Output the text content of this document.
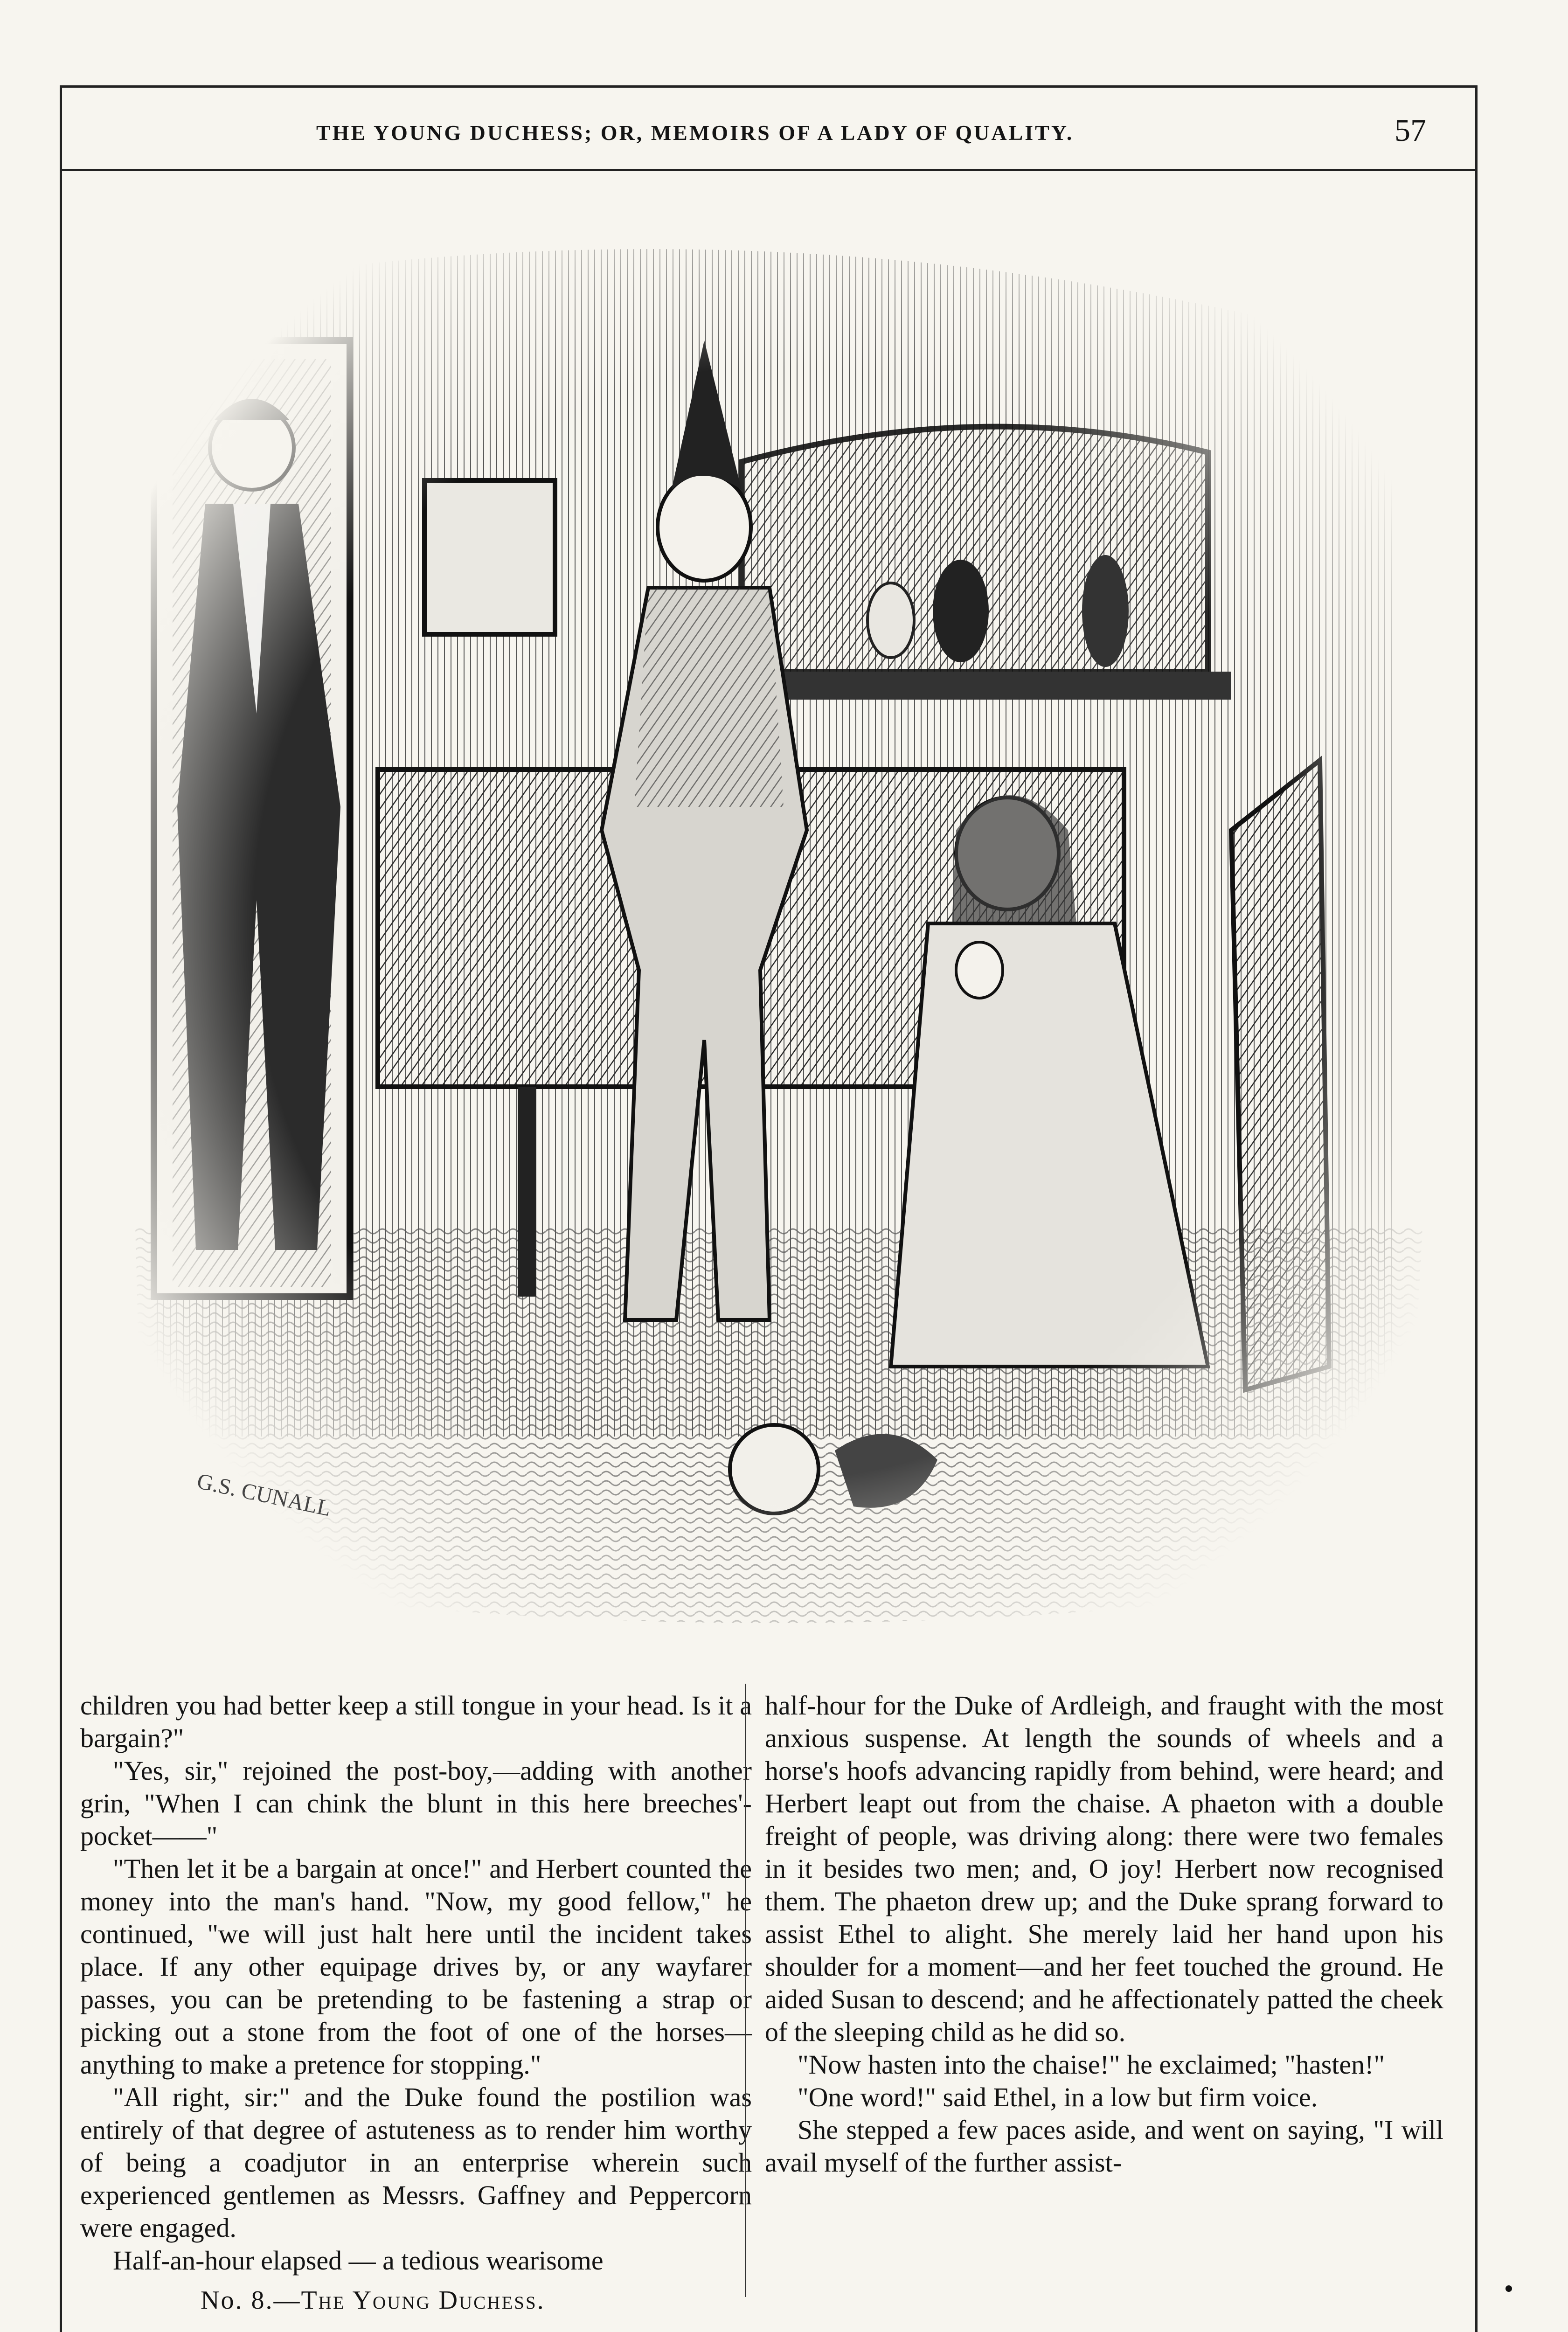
THE YOUNG DUCHESS; OR, MEMOIRS OF A LADY OF QUALITY.	57
G.S. CUNALL

children you had better keep a still tongue in your head. Is it a bargain?"

"Yes, sir," rejoined the post-boy,—adding with another grin, "When I can chink the blunt in this here breeches'-pocket——"

"Then let it be a bargain at once!" and Herbert counted the money into the man's hand. "Now, my good fellow," he continued, "we will just halt here until the incident takes place. If any other equipage drives by, or any wayfarer passes, you can be pretending to be fastening a strap or picking out a stone from the foot of one of the horses—anything to make a pretence for stopping."

"All right, sir:" and the Duke found the postilion was entirely of that degree of astuteness as to render him worthy of being a coadjutor in an enterprise wherein such experienced gentlemen as Messrs. Gaffney and Peppercorn were engaged.

Half-an-hour elapsed — a tedious wearisome

No. 8.—The Young Duchess.

half-hour for the Duke of Ardleigh, and fraught with the most anxious suspense. At length the sounds of wheels and a horse's hoofs advancing rapidly from behind, were heard; and Herbert leapt out from the chaise. A phaeton with a double freight of people, was driving along: there were two females in it besides two men; and, O joy! Herbert now recognised them. The phaeton drew up; and the Duke sprang forward to assist Ethel to alight. She merely laid her hand upon his shoulder for a moment—and her feet touched the ground. He aided Susan to descend; and he affectionately patted the cheek of the sleeping child as he did so.

"Now hasten into the chaise!" he exclaimed; "hasten!"

"One word!" said Ethel, in a low but firm voice.

She stepped a few paces aside, and went on saying, "I will avail myself of the further assist-
